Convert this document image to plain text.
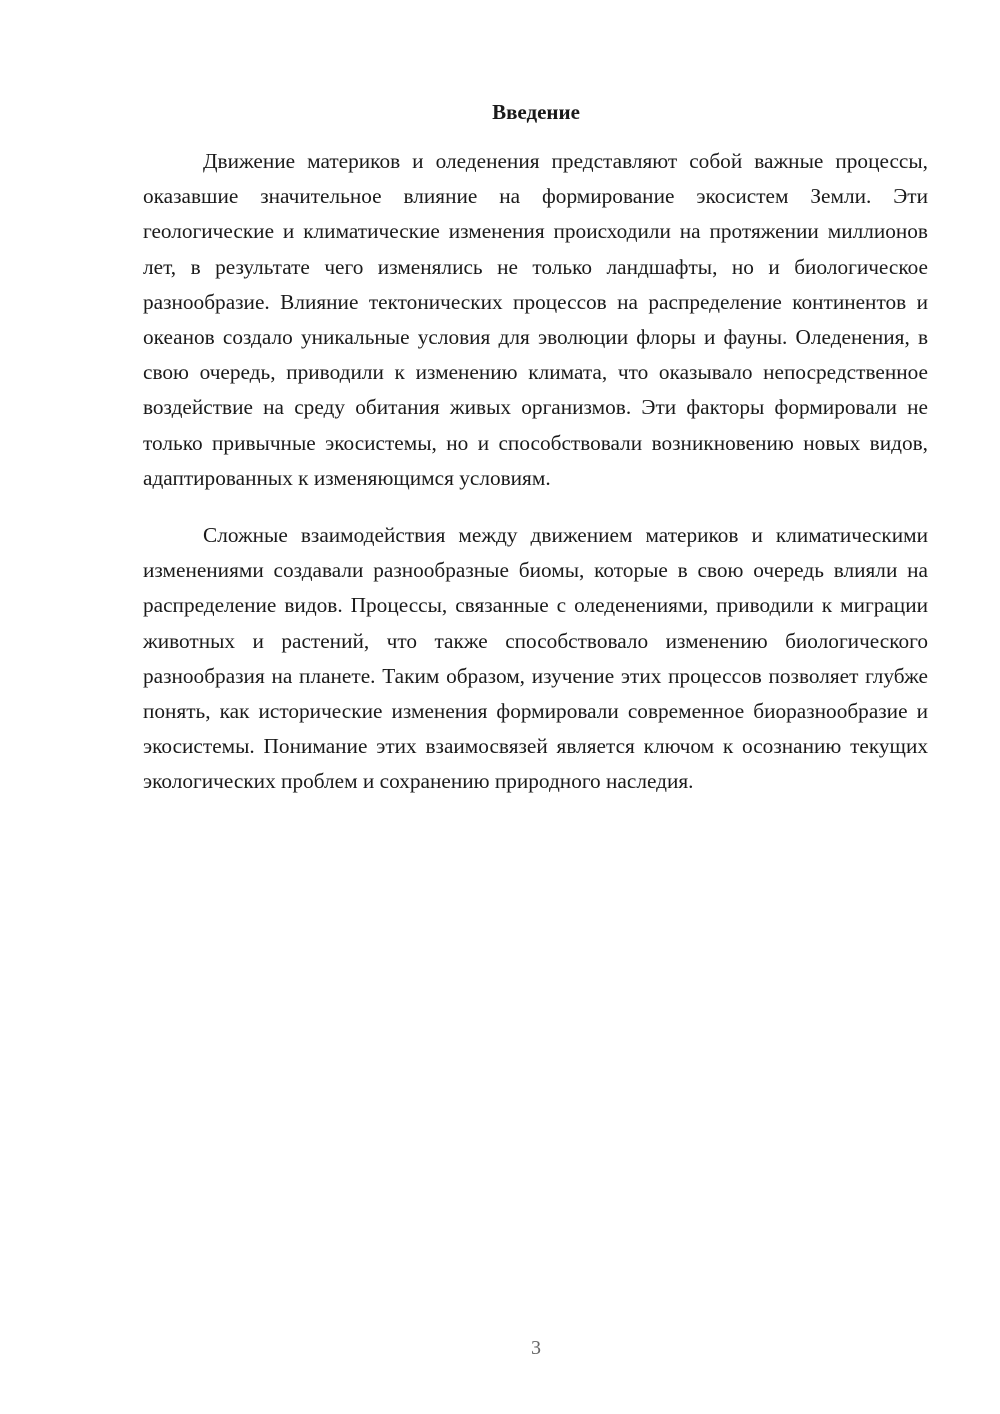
Введение

Движение материков и оледенения представляют собой важные процессы, оказавшие значительное влияние на формирование экосистем Земли. Эти геологические и климатические изменения происходили на протяжении миллионов лет, в результате чего изменялись не только ландшафты, но и биологическое разнообразие. Влияние тектонических процессов на распределение континентов и океанов создало уникальные условия для эволюции флоры и фауны. Оледенения, в свою очередь, приводили к изменению климата, что оказывало непосредственное воздействие на среду обитания живых организмов. Эти факторы формировали не только привычные экосистемы, но и способствовали возникновению новых видов, адаптированных к изменяющимся условиям.

Сложные взаимодействия между движением материков и климатическими изменениями создавали разнообразные биомы, которые в свою очередь влияли на распределение видов. Процессы, связанные с оледенениями, приводили к миграции животных и растений, что также способствовало изменению биологического разнообразия на планете. Таким образом, изучение этих процессов позволяет глубже понять, как исторические изменения формировали современное биоразнообразие и экосистемы. Понимание этих взаимосвязей является ключом к осознанию текущих экологических проблем и сохранению природного наследия.

3
